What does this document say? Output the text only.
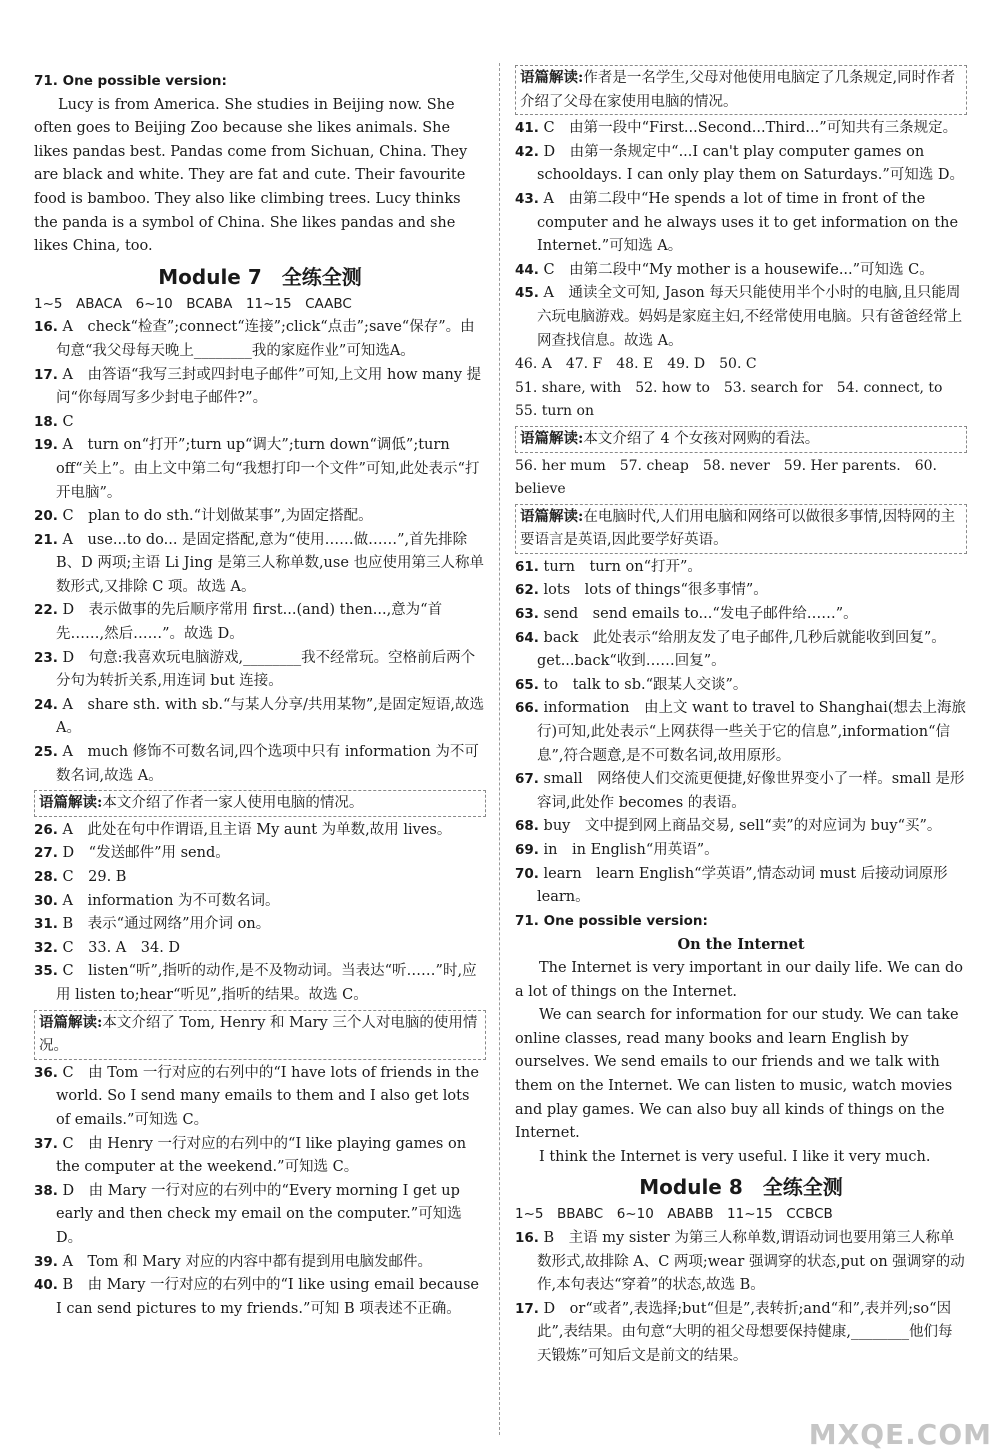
71. One possible version:

Lucy is from America. She studies in Beijing now. She often goes to Beijing Zoo because she likes animals. She likes pandas best. Pandas come from Sichuan, China. They are black and white. They are fat and cute. Their favourite food is bamboo. They also like climbing trees. Lucy thinks the panda is a symbol of China. She likes pandas and she likes China, too.

Module 7　全练全测

1~5　ABACA　6~10　BCABA　11~15　CAABC

16. A　check“检查”;connect“连接”;click“点击”;save“保存”。由句意“我父母每天晚上________我的家庭作业”可知选A。

17. A　由答语“我写三封或四封电子邮件”可知,上文用 how many 提问“你每周写多少封电子邮件?”。

18. C

19. A　turn on“打开”;turn up“调大”;turn down“调低”;turn off“关上”。由上文中第二句“我想打印一个文件”可知,此处表示“打开电脑”。

20. C　plan to do sth.“计划做某事”,为固定搭配。

21. A　use...to do... 是固定搭配,意为“使用……做……”,首先排除 B、D 两项;主语 Li Jing 是第三人称单数,use 也应使用第三人称单数形式,又排除 C 项。故选 A。

22. D　表示做事的先后顺序常用 first...(and) then...,意为“首先……,然后……”。故选 D。

23. D　句意:我喜欢玩电脑游戏,________我不经常玩。空格前后两个分句为转折关系,用连词 but 连接。

24. A　share sth. with sb.“与某人分享/共用某物”,是固定短语,故选 A。

25. A　much 修饰不可数名词,四个选项中只有 information 为不可数名词,故选 A。

语篇解读:本文介绍了作者一家人使用电脑的情况。

26. A　此处在句中作谓语,且主语 My aunt 为单数,故用 lives。

27. D　“发送邮件”用 send。

28. C　29. B

30. A　information 为不可数名词。

31. B　表示“通过网络”用介词 on。

32. C　33. A　34. D

35. C　listen“听”,指听的动作,是不及物动词。当表达“听……”时,应用 listen to;hear“听见”,指听的结果。故选 C。

语篇解读:本文介绍了 Tom, Henry 和 Mary 三个人对电脑的使用情况。

36. C　由 Tom 一行对应的右列中的“I have lots of friends in the world. So I send many emails to them and I also get lots of emails.”可知选 C。

37. C　由 Henry 一行对应的右列中的“I like playing games on the computer at the weekend.”可知选 C。

38. D　由 Mary 一行对应的右列中的“Every morning I get up early and then check my email on the computer.”可知选 D。

39. A　Tom 和 Mary 对应的内容中都有提到用电脑发邮件。

40. B　由 Mary 一行对应的右列中的“I like using email because I can send pictures to my friends.”可知 B 项表述不正确。

语篇解读:作者是一名学生,父母对他使用电脑定了几条规定,同时作者介绍了父母在家使用电脑的情况。

41. C　由第一段中“First...Second...Third...”可知共有三条规定。

42. D　由第一条规定中“...I can't play computer games on schooldays. I can only play them on Saturdays.”可知选 D。

43. A　由第二段中“He spends a lot of time in front of the computer and he always uses it to get information on the Internet.”可知选 A。

44. C　由第二段中“My mother is a housewife...”可知选 C。

45. A　通读全文可知, Jason 每天只能使用半个小时的电脑,且只能周六玩电脑游戏。妈妈是家庭主妇,不经常使用电脑。只有爸爸经常上网查找信息。故选 A。

46. A　47. F　48. E　49. D　50. C

51. share, with　52. how to　53. search for　54. connect, to

55. turn on

语篇解读:本文介绍了 4 个女孩对网购的看法。

56. her mum　57. cheap　58. never　59. Her parents.　60. believe

语篇解读:在电脑时代,人们用电脑和网络可以做很多事情,因特网的主要语言是英语,因此要学好英语。

61. turn　turn on“打开”。

62. lots　lots of things“很多事情”。

63. send　send emails to...“发电子邮件给……”。

64. back　此处表示“给朋友发了电子邮件,几秒后就能收到回复”。get...back“收到……回复”。

65. to　talk to sb.“跟某人交谈”。

66. information　由上文 want to travel to Shanghai(想去上海旅行)可知,此处表示“上网获得一些关于它的信息”,information“信息”,符合题意,是不可数名词,故用原形。

67. small　网络使人们交流更便捷,好像世界变小了一样。small 是形容词,此处作 becomes 的表语。

68. buy　文中提到网上商品交易, sell“卖”的对应词为 buy“买”。

69. in　in English“用英语”。

70. learn　learn English“学英语”,情态动词 must 后接动词原形 learn。

71. One possible version:

On the Internet

The Internet is very important in our daily life. We can do a lot of things on the Internet.

We can search for information for our study. We can take online classes, read many books and learn English by ourselves. We send emails to our friends and we talk with them on the Internet. We can listen to music, watch movies and play games. We can also buy all kinds of things on the Internet.

I think the Internet is very useful. I like it very much.

Module 8　全练全测

1~5　BBABC　6~10　ABABB　11~15　CCBCB

16. B　主语 my sister 为第三人称单数,谓语动词也要用第三人称单数形式,故排除 A、C 两项;wear 强调穿的状态,put on 强调穿的动作,本句表达“穿着”的状态,故选 B。

17. D　or“或者”,表选择;but“但是”,表转折;and“和”,表并列;so“因此”,表结果。由句意“大明的祖父母想要保持健康,________他们每天锻炼”可知后文是前文的结果。

MXQE.COM
